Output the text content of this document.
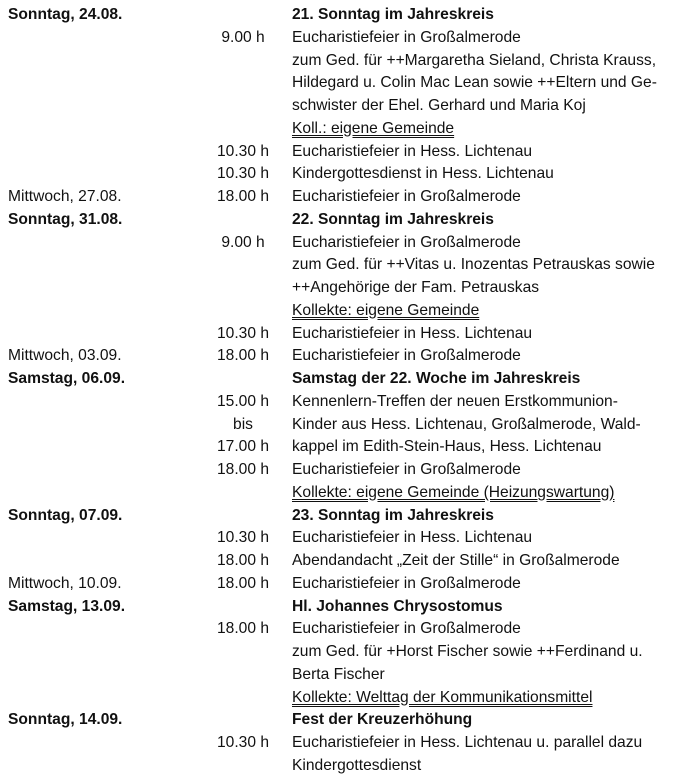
Sonntag, 24.08.	21. Sonntag im Jahreskreis
9.00 h	Eucharistiefeier in Großalmerode
zum Ged. für ++Margaretha Sieland, Christa Krauss,
Hildegard u. Colin Mac Lean sowie ++Eltern und Ge-
schwister der Ehel. Gerhard und Maria Koj
Koll.: eigene Gemeinde
10.30 h	Eucharistiefeier in Hess. Lichtenau
10.30 h	Kindergottesdienst in Hess. Lichtenau
Mittwoch, 27.08.	18.00 h	Eucharistiefeier in Großalmerode
Sonntag, 31.08.	22. Sonntag im Jahreskreis
9.00 h	Eucharistiefeier in Großalmerode
zum Ged. für ++Vitas u. Inozentas Petrauskas sowie
++Angehörige der Fam. Petrauskas
Kollekte: eigene Gemeinde
10.30 h	Eucharistiefeier in Hess. Lichtenau
Mittwoch, 03.09.	18.00 h	Eucharistiefeier in Großalmerode
Samstag, 06.09.	Samstag der 22. Woche im Jahreskreis
15.00 h	Kennenlern-Treffen der neuen Erstkommunion-
bis	Kinder aus Hess. Lichtenau, Großalmerode, Wald-
17.00 h	kappel im Edith-Stein-Haus, Hess. Lichtenau
18.00 h	Eucharistiefeier in Großalmerode
Kollekte: eigene Gemeinde (Heizungswartung)
Sonntag, 07.09.	23. Sonntag im Jahreskreis
10.30 h	Eucharistiefeier in Hess. Lichtenau
18.00 h	Abendandacht „Zeit der Stille“ in Großalmerode
Mittwoch, 10.09.	18.00 h	Eucharistiefeier in Großalmerode
Samstag, 13.09.	Hl. Johannes Chrysostomus
18.00 h	Eucharistiefeier in Großalmerode
zum Ged. für +Horst Fischer sowie ++Ferdinand u.
Berta Fischer
Kollekte: Welttag der Kommunikationsmittel
Sonntag, 14.09.	Fest der Kreuzerhöhung
10.30 h	Eucharistiefeier in Hess. Lichtenau u. parallel dazu
Kindergottesdienst
